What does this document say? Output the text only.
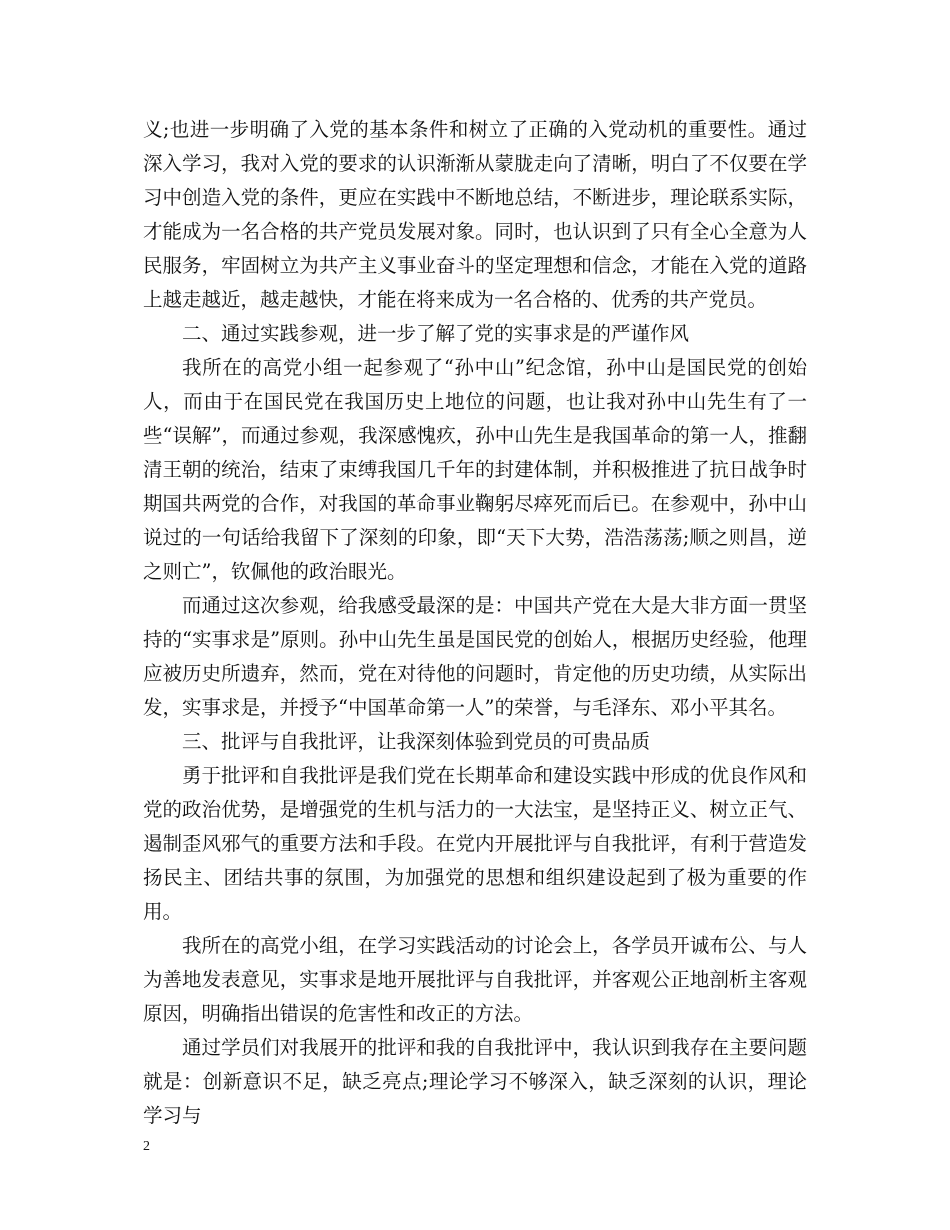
义;也进一步明确了入党的基本条件和树立了正确的入党动机的重要性。通过深入学习，我对入党的要求的认识渐渐从蒙胧走向了清晰，明白了不仅要在学习中创造入党的条件，更应在实践中不断地总结，不断进步，理论联系实际，才能成为一名合格的共产党员发展对象。同时，也认识到了只有全心全意为人民服务，牢固树立为共产主义事业奋斗的坚定理想和信念，才能在入党的道路上越走越近，越走越快，才能在将来成为一名合格的、优秀的共产党员。

二、通过实践参观，进一步了解了党的实事求是的严谨作风

我所在的高党小组一起参观了“孙中山”纪念馆，孙中山是国民党的创始人，而由于在国民党在我国历史上地位的问题，也让我对孙中山先生有了一些“误解”，而通过参观，我深感愧疚，孙中山先生是我国革命的第一人，推翻清王朝的统治，结束了束缚我国几千年的封建体制，并积极推进了抗日战争时期国共两党的合作，对我国的革命事业鞠躬尽瘁死而后已。在参观中，孙中山说过的一句话给我留下了深刻的印象，即“天下大势，浩浩荡荡;顺之则昌，逆之则亡”，钦佩他的政治眼光。

而通过这次参观，给我感受最深的是：中国共产党在大是大非方面一贯坚持的“实事求是”原则。孙中山先生虽是国民党的创始人，根据历史经验，他理应被历史所遗弃，然而，党在对待他的问题时，肯定他的历史功绩，从实际出发，实事求是，并授予“中国革命第一人”的荣誉，与毛泽东、邓小平其名。

三、批评与自我批评，让我深刻体验到党员的可贵品质

勇于批评和自我批评是我们党在长期革命和建设实践中形成的优良作风和党的政治优势，是增强党的生机与活力的一大法宝，是坚持正义、树立正气、遏制歪风邪气的重要方法和手段。在党内开展批评与自我批评，有利于营造发扬民主、团结共事的氛围，为加强党的思想和组织建设起到了极为重要的作用。

我所在的高党小组，在学习实践活动的讨论会上，各学员开诚布公、与人为善地发表意见，实事求是地开展批评与自我批评，并客观公正地剖析主客观原因，明确指出错误的危害性和改正的方法。

通过学员们对我展开的批评和我的自我批评中，我认识到我存在主要问题就是：创新意识不足，缺乏亮点;理论学习不够深入，缺乏深刻的认识，理论学习与

2
